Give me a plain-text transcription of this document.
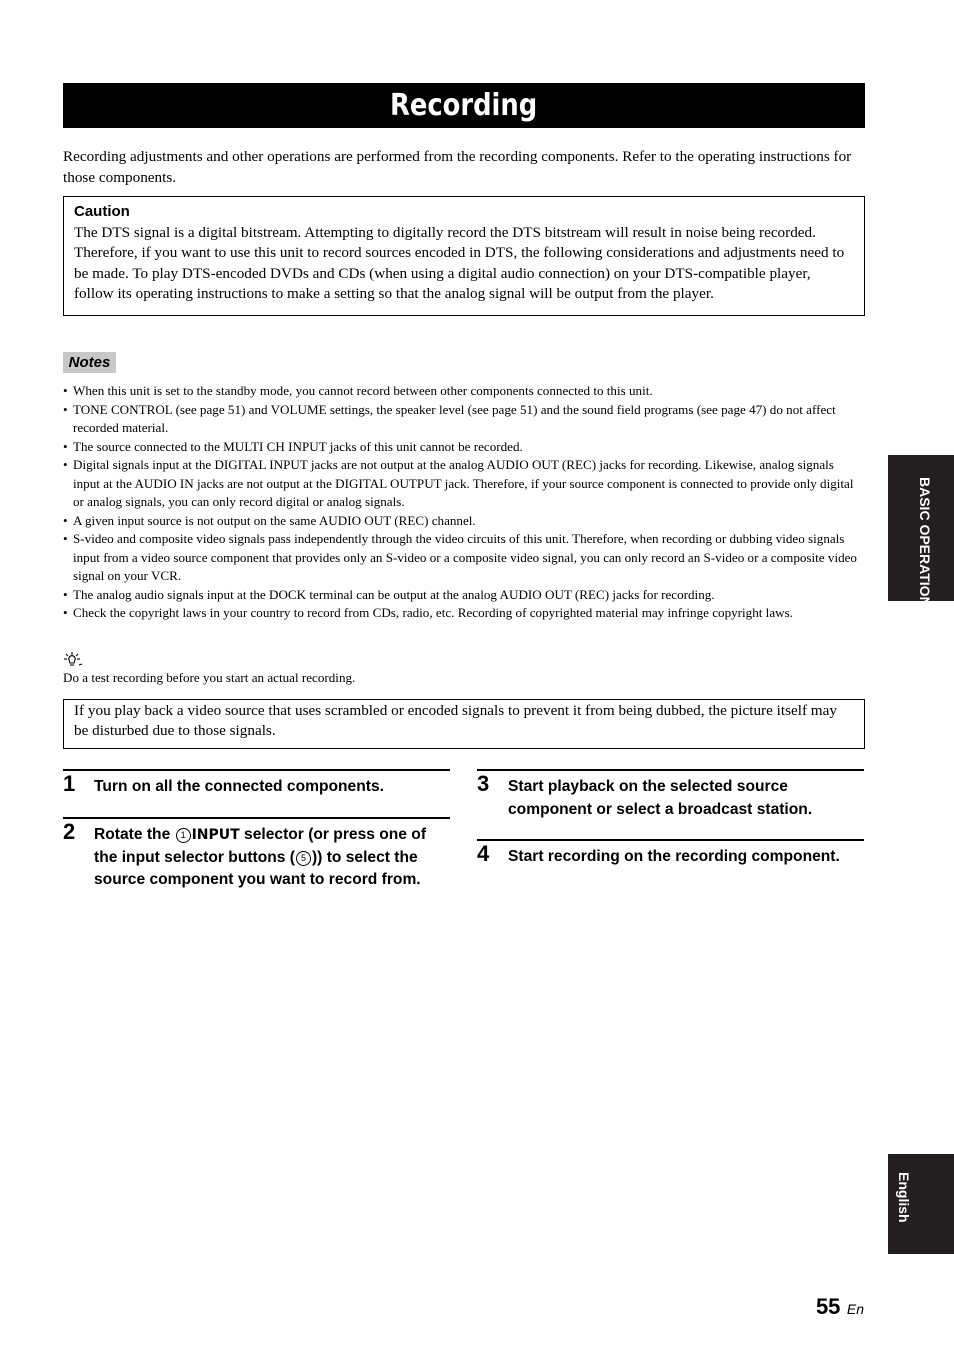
Recording

Recording adjustments and other operations are performed from the recording components. Refer to the operating instructions for those components.

Caution
The DTS signal is a digital bitstream. Attempting to digitally record the DTS bitstream will result in noise being recorded. Therefore, if you want to use this unit to record sources encoded in DTS, the following considerations and adjustments need to be made. To play DTS-encoded DVDs and CDs (when using a digital audio connection) on your DTS-compatible player, follow its operating instructions to make a setting so that the analog signal will be output from the player.
Notes
• When this unit is set to the standby mode, you cannot record between other components connected to this unit.
• TONE CONTROL (see page 51) and VOLUME settings, the speaker level (see page 51) and the sound field programs (see page 47) do not affect recorded material.
• The source connected to the MULTI CH INPUT jacks of this unit cannot be recorded.
• Digital signals input at the DIGITAL INPUT jacks are not output at the analog AUDIO OUT (REC) jacks for recording. Likewise, analog signals input at the AUDIO IN jacks are not output at the DIGITAL OUTPUT jack. Therefore, if your source component is connected to provide only digital or analog signals, you can only record digital or analog signals.
• A given input source is not output on the same AUDIO OUT (REC) channel.
• S-video and composite video signals pass independently through the video circuits of this unit. Therefore, when recording or dubbing video signals input from a video source component that provides only an S-video or a composite video signal, you can only record an S-video or a composite video signal on your VCR.
• The analog audio signals input at the DOCK terminal can be output at the analog AUDIO OUT (REC) jacks for recording.
• Check the copyright laws in your country to record from CDs, radio, etc. Recording of copyrighted material may infringe copyright laws.
Do a test recording before you start an actual recording.

If you play back a video source that uses scrambled or encoded signals to prevent it from being dubbed, the picture itself may be disturbed due to those signals.

1 Turn on all the connected components.
2 Rotate the 1 INPUT selector (or press one of the input selector buttons ( 5 )) to select the source component you want to record from.
3 Start playback on the selected source component or select a broadcast station.
4 Start recording on the recording component.
BASIC OPERATION
English
55 En
